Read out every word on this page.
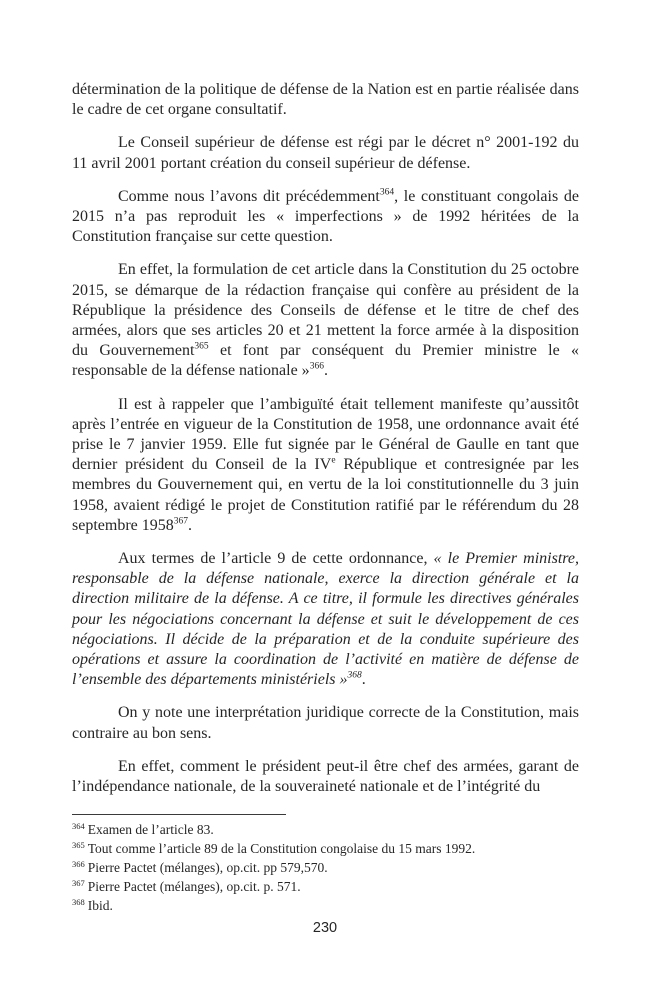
détermination de la politique de défense de la Nation est en partie réalisée dans le cadre de cet organe consultatif.

Le Conseil supérieur de défense est régi par le décret n° 2001-192 du 11 avril 2001 portant création du conseil supérieur de défense.

Comme nous l’avons dit précédemment$^{364}$, le constituant congolais de 2015 n’a pas reproduit les « imperfections » de 1992 héritées de la Constitution française sur cette question.

En effet, la formulation de cet article dans la Constitution du 25 octobre 2015, se démarque de la rédaction française qui confère au président de la République la présidence des Conseils de défense et le titre de chef des armées, alors que ses articles 20 et 21 mettent la force armée à la disposition du Gouvernement$^{365}$ et font par conséquent du Premier ministre le « responsable de la défense nationale »$^{366}$.

Il est à rappeler que l’ambiguïté était tellement manifeste qu’aussitôt après l’entrée en vigueur de la Constitution de 1958, une ordonnance avait été prise le 7 janvier 1959. Elle fut signée par le Général de Gaulle en tant que dernier président du Conseil de la IVe République et contresignée par les membres du Gouvernement qui, en vertu de la loi constitutionnelle du 3 juin 1958, avaient rédigé le projet de Constitution ratifié par le référendum du 28 septembre 1958$^{367}$.

Aux termes de l’article 9 de cette ordonnance, « le Premier ministre, responsable de la défense nationale, exerce la direction générale et la direction militaire de la défense. A ce titre, il formule les directives générales pour les négociations concernant la défense et suit le développement de ces négociations. Il décide de la préparation et de la conduite supérieure des opérations et assure la coordination de l’activité en matière de défense de l’ensemble des départements ministériels »$^{368}$.

On y note une interprétation juridique correcte de la Constitution, mais contraire au bon sens.

En effet, comment le président peut-il être chef des armées, garant de l’indépendance nationale, de la souveraineté nationale et de l’intégrité du

$^{364}$ Examen de l’article 83.
$^{365}$ Tout comme l’article 89 de la Constitution congolaise du 15 mars 1992.
$^{366}$ Pierre Pactet (mélanges), op.cit. pp 579,570.
$^{367}$ Pierre Pactet (mélanges), op.cit. p. 571.
$^{368}$ Ibid.
230
